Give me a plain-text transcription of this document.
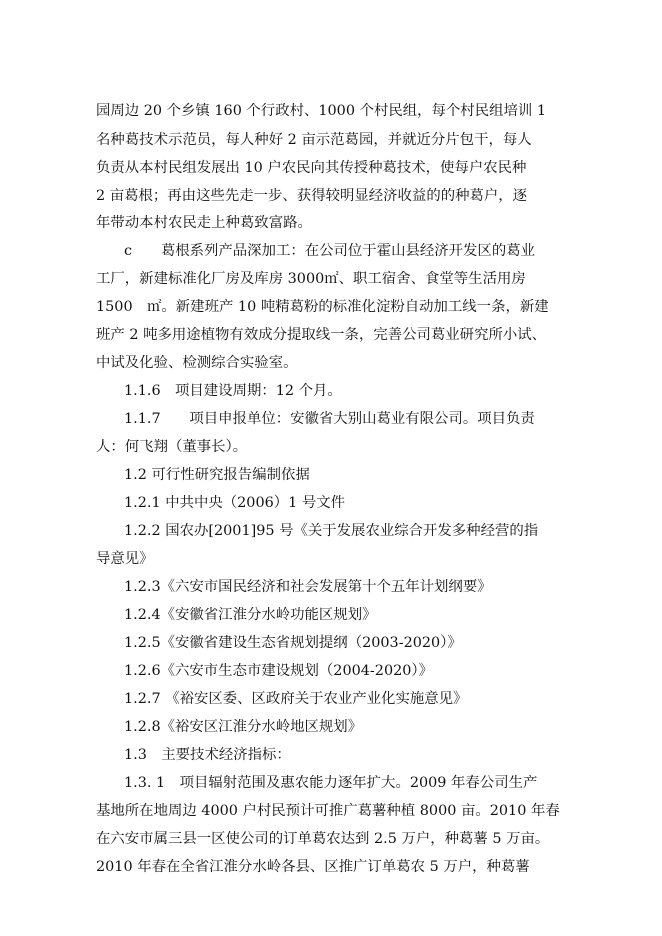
园周边 20 个乡镇 160 个行政村、1000 个村民组，每个村民组培训 1
名种葛技术示范员，每人种好 2 亩示范葛园，并就近分片包干，每人
负责从本村民组发展出 10 户农民向其传授种葛技术，使每户农民种
2 亩葛根；再由这些先走一步、获得较明显经济收益的的种葛户，逐
年带动本村农民走上种葛致富路。
c　　葛根系列产品深加工：在公司位于霍山县经济开发区的葛业
工厂，新建标准化厂房及库房 3000㎡、职工宿舍、食堂等生活用房
1500　㎡。新建班产 10 吨精葛粉的标准化淀粉自动加工线一条，新建
班产 2 吨多用途植物有效成分提取线一条，完善公司葛业研究所小试、
中试及化验、检测综合实验室。
1.1.6　项目建设周期：12 个月。
1.1.7　　项目申报单位：安徽省大别山葛业有限公司。项目负责
人：何飞翔（董事长）。
1.2 可行性研究报告编制依据
1.2.1 中共中央（2006）1 号文件
1.2.2 国农办[2001]95 号《关于发展农业综合开发多种经营的指
导意见》
1.2.3《六安市国民经济和社会发展第十个五年计划纲要》
1.2.4《安徽省江淮分水岭功能区规划》
1.2.5《安徽省建设生态省规划提纲（2003-2020）》
1.2.6《六安市生态市建设规划（2004-2020）》
1.2.7 《裕安区委、区政府关于农业产业化实施意见》
1.2.8《裕安区江淮分水岭地区规划》
1.3　主要技术经济指标：
1.3. 1　项目辐射范围及惠农能力逐年扩大。2009 年春公司生产
基地所在地周边 4000 户村民预计可推广葛薯种植 8000 亩。2010 年春
在六安市属三县一区使公司的订单葛农达到 2.5 万户，种葛薯 5 万亩。
2010 年春在全省江淮分水岭各县、区推广订单葛农 5 万户，种葛薯
